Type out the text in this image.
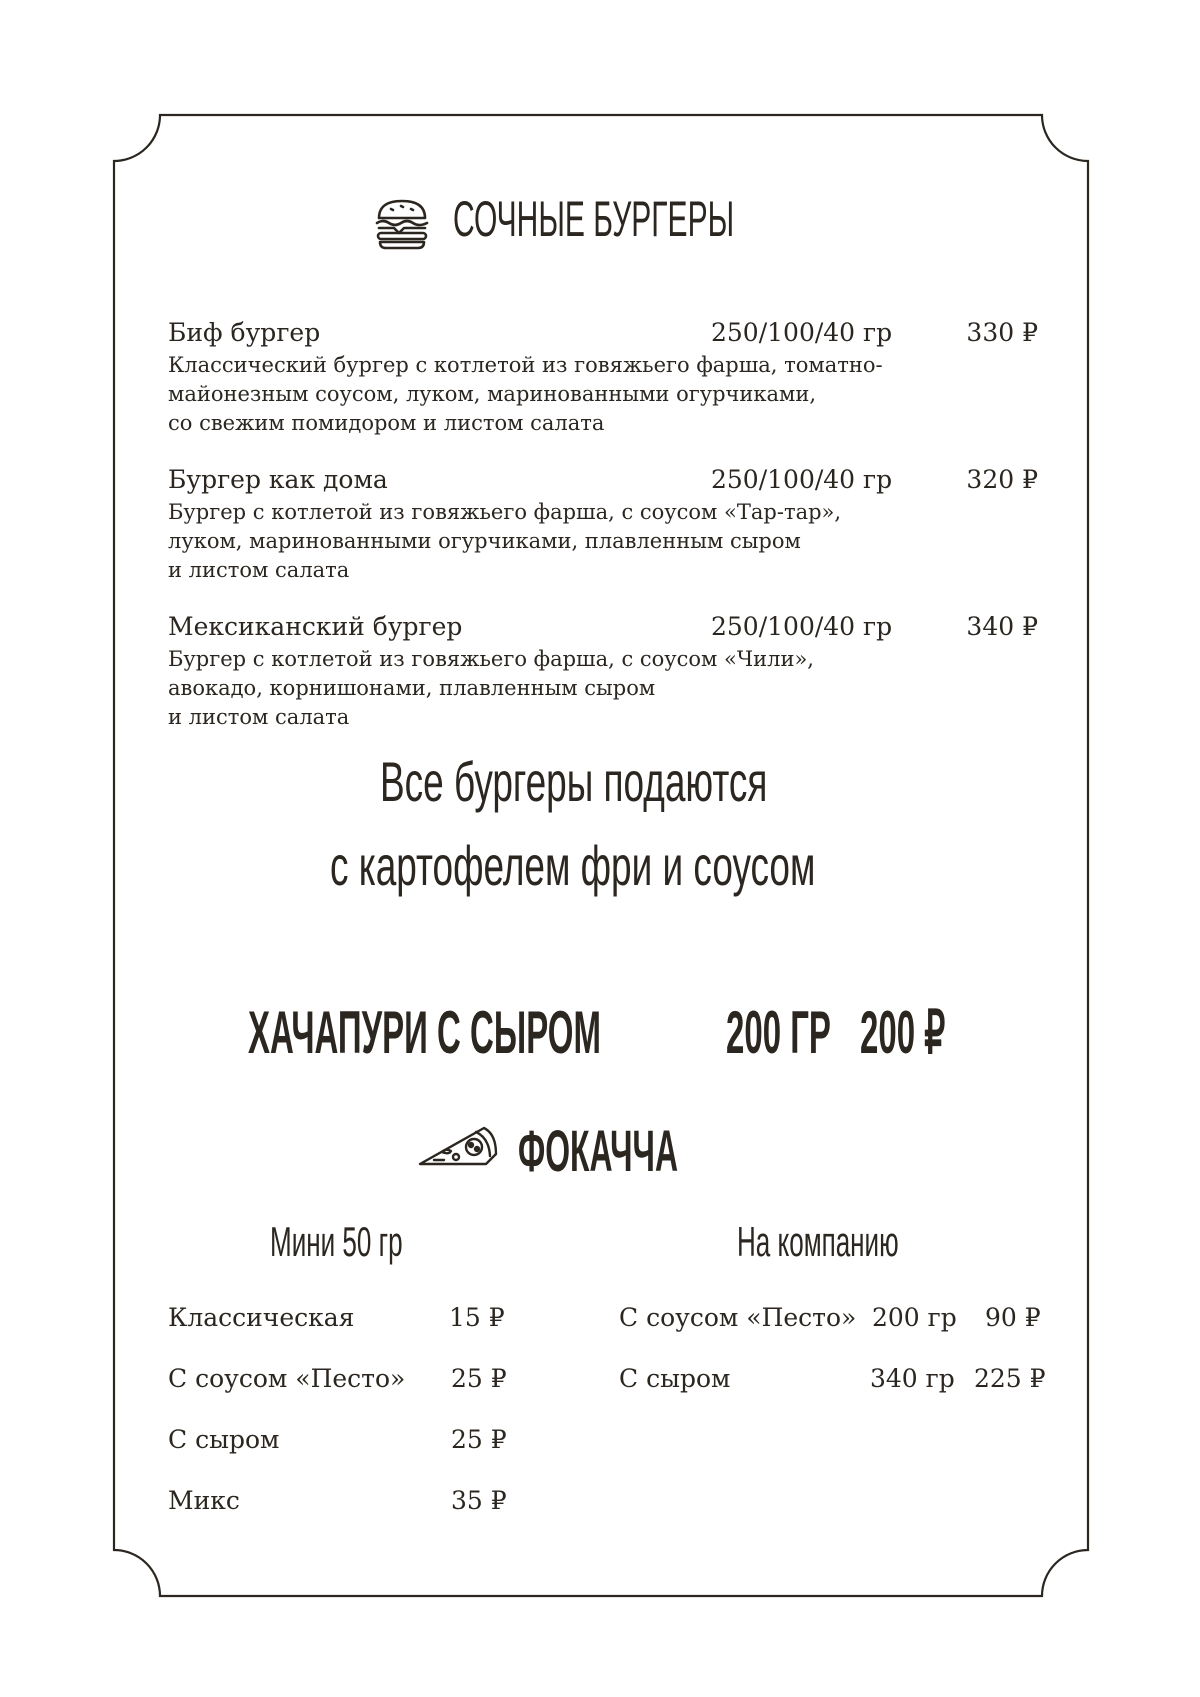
СОЧНЫЕ БУРГЕРЫ
Биф бургер	250/100/40 гр	330 ₽
Классический бургер с котлетой из говяжьего фарша, томатно-
майонезным соусом, луком, маринованными огурчиками,
со свежим помидором и листом салата
Бургер как дома	250/100/40 гр	320 ₽
Бургер с котлетой из говяжьего фарша, с соусом «Тар-тар»,
луком, маринованными огурчиками, плавленным сыром
и листом салата
Мексиканский бургер	250/100/40 гр	340 ₽
Бургер с котлетой из говяжьего фарша, с соусом «Чили»,
авокадо, корнишонами, плавленным сыром
и листом салата
Все бургеры подаются
с картофелем фри и соусом
ХАЧАПУРИ С СЫРОМ 200 ГР 200 ₽
ФОКАЧЧА
Мини 50 гр	На компанию
Классическая	15 ₽
С соусом «Песто» 25 ₽
С сыром	25 ₽
Микс	35 ₽
С соусом «Песто» 200 гр 90 ₽
С сыром	340 гр 225 ₽
